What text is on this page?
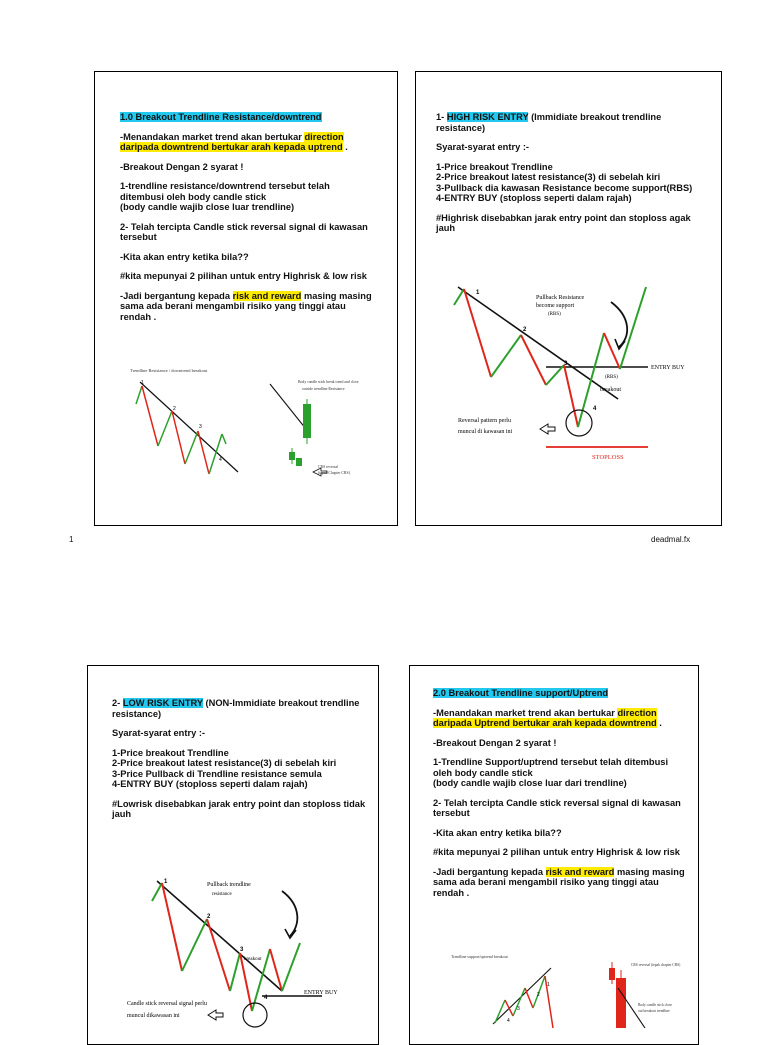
1.0 Breakout Trendline Resistance/downtrend

-Menandakan market trend akan bertukar direction daripada downtrend bertukar arah kepada uptrend .

-Breakout Dengan 2 syarat !

1-trendline resistance/downtrend tersebut telah ditembusi oleh body candle stick
(body candle wajib close luar trendline)

2- Telah tercipta Candle stick reversal signal di kawasan tersebut

-Kita akan entry ketika bila??

#kita mepunyai 2 pilihan untuk entry Highrisk & low risk

-Jadi bergantung kepada risk and reward masing masing sama ada berani mengambil risiko yang tinggi atau rendah .

Trendline Resistance / downtrend breakout
1
2
3
4
Body candle stick break trend and close
outside trendline Resistance
CRS reversal
(tepak Chapter CRS)

1- HIGH RISK ENTRY (Immidiate breakout trendline resistance)

Syarat-syarat entry :-

1-Price breakout Trendline
2-Price breakout latest resistance(3) di sebelah kiri
3-Pullback dia kawasan Resistance become support(RBS)
4-ENTRY BUY (stoploss seperti dalam rajah)

#Highrisk disebabkan jarak entry point dan stoploss agak jauh

1
2
3
4
Pullback Resistance
become support
(RBS)
(RBS)
breakout
ENTRY BUY
Reversal pattern perlu
muncul di kawasan ini
STOPLOSS
1	deadmal.fx

2- LOW RISK ENTRY (NON-Immidiate breakout trendline resistance)

Syarat-syarat entry :-

1-Price breakout Trendline
2-Price breakout latest resistance(3) di sebelah kiri
3-Price Pullback di Trendline resistance semula
4-ENTRY BUY (stoploss seperti dalam rajah)

#Lowrisk disebabkan jarak entry point dan stoploss tidak jauh

1
2
3
4
Pullback trendline
resistance
breakout
ENTRY BUY
Candle stick reversal signal perlu
muncul dikawasan ini

2.0 Breakout Trendline support/Uptrend

-Menandakan market trend akan bertukar direction daripada Uptrend bertukar arah kepada downtrend .

-Breakout Dengan 2 syarat !

1-Trendline Support/uptrend tersebut telah ditembusi oleh body candle stick
(body candle wajib close luar dari trendline)

2- Telah tercipta Candle stick reversal signal di kawasan tersebut

-Kita akan entry ketika bila??

#kita mepunyai 2 pilihan untuk entry Highrisk & low risk

-Jadi bergantung kepada risk and reward masing masing sama ada berani mengambil risiko yang tinggi atau rendah .

Trendline support/uptrend breakout
1
2
3
4
CRS reversal (tepak chapter CRS)
Body candle stick close
out breakout trendline
